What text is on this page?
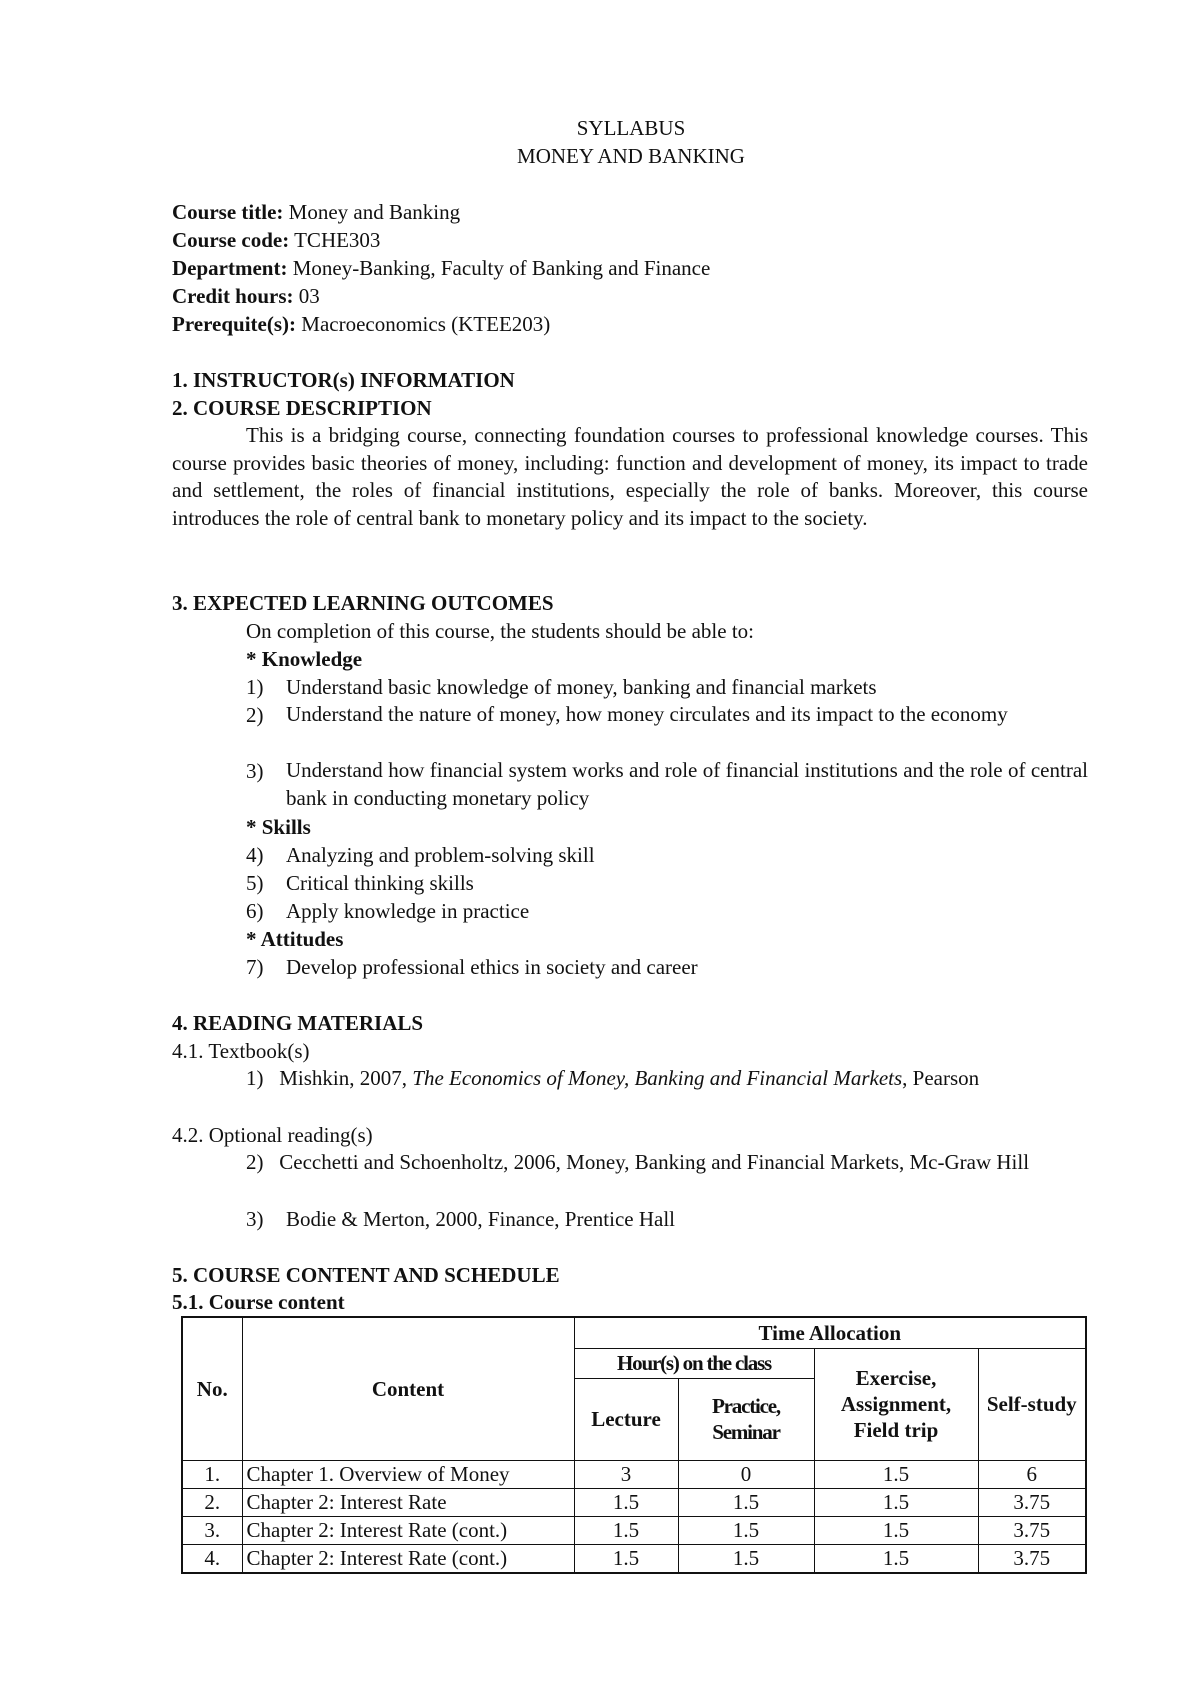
SYLLABUS
MONEY AND BANKING
Course title: Money and Banking
Course code: TCHE303
Department: Money-Banking, Faculty of Banking and Finance
Credit hours: 03
Prerequite(s): Macroeconomics (KTEE203)
1. INSTRUCTOR(s) INFORMATION
2. COURSE DESCRIPTION
This is a bridging course, connecting foundation courses to professional knowledge courses. This course provides basic theories of money, including: function and development of money, its impact to trade and settlement, the roles of financial institutions, especially the role of banks. Moreover, this course introduces the role of central bank to monetary policy and its impact to the society.
3. EXPECTED LEARNING OUTCOMES
On completion of this course, the students should be able to:
* Knowledge
1) Understand basic knowledge of money, banking and financial markets
2) Understand the nature of money, how money circulates and its impact to the economy
3) Understand how financial system works and role of financial institutions and the role of central bank in conducting monetary policy
* Skills
4) Analyzing and problem-solving skill
5) Critical thinking skills
6) Apply knowledge in practice
* Attitudes
7) Develop professional ethics in society and career
4. READING MATERIALS
4.1. Textbook(s)
1) Mishkin, 2007, The Economics of Money, Banking and Financial Markets, Pearson
4.2. Optional reading(s)
2) Cecchetti and Schoenholtz, 2006, Money, Banking and Financial Markets, Mc-Graw Hill
3) Bodie & Merton, 2000, Finance, Prentice Hall
5. COURSE CONTENT AND SCHEDULE
5.1. Course content
No.	Content	Time Allocation			
		Hour(s) on the class		Exercise, Assignment, Field trip	Self-study
		Lecture	Practice, Seminar		
1.	Chapter 1. Overview of Money	3	0	1.5	6
2.	Chapter 2: Interest Rate	1.5	1.5	1.5	3.75
3.	Chapter 2: Interest Rate (cont.)	1.5	1.5	1.5	3.75
4.	Chapter 2: Interest Rate (cont.)	1.5	1.5	1.5	3.75
